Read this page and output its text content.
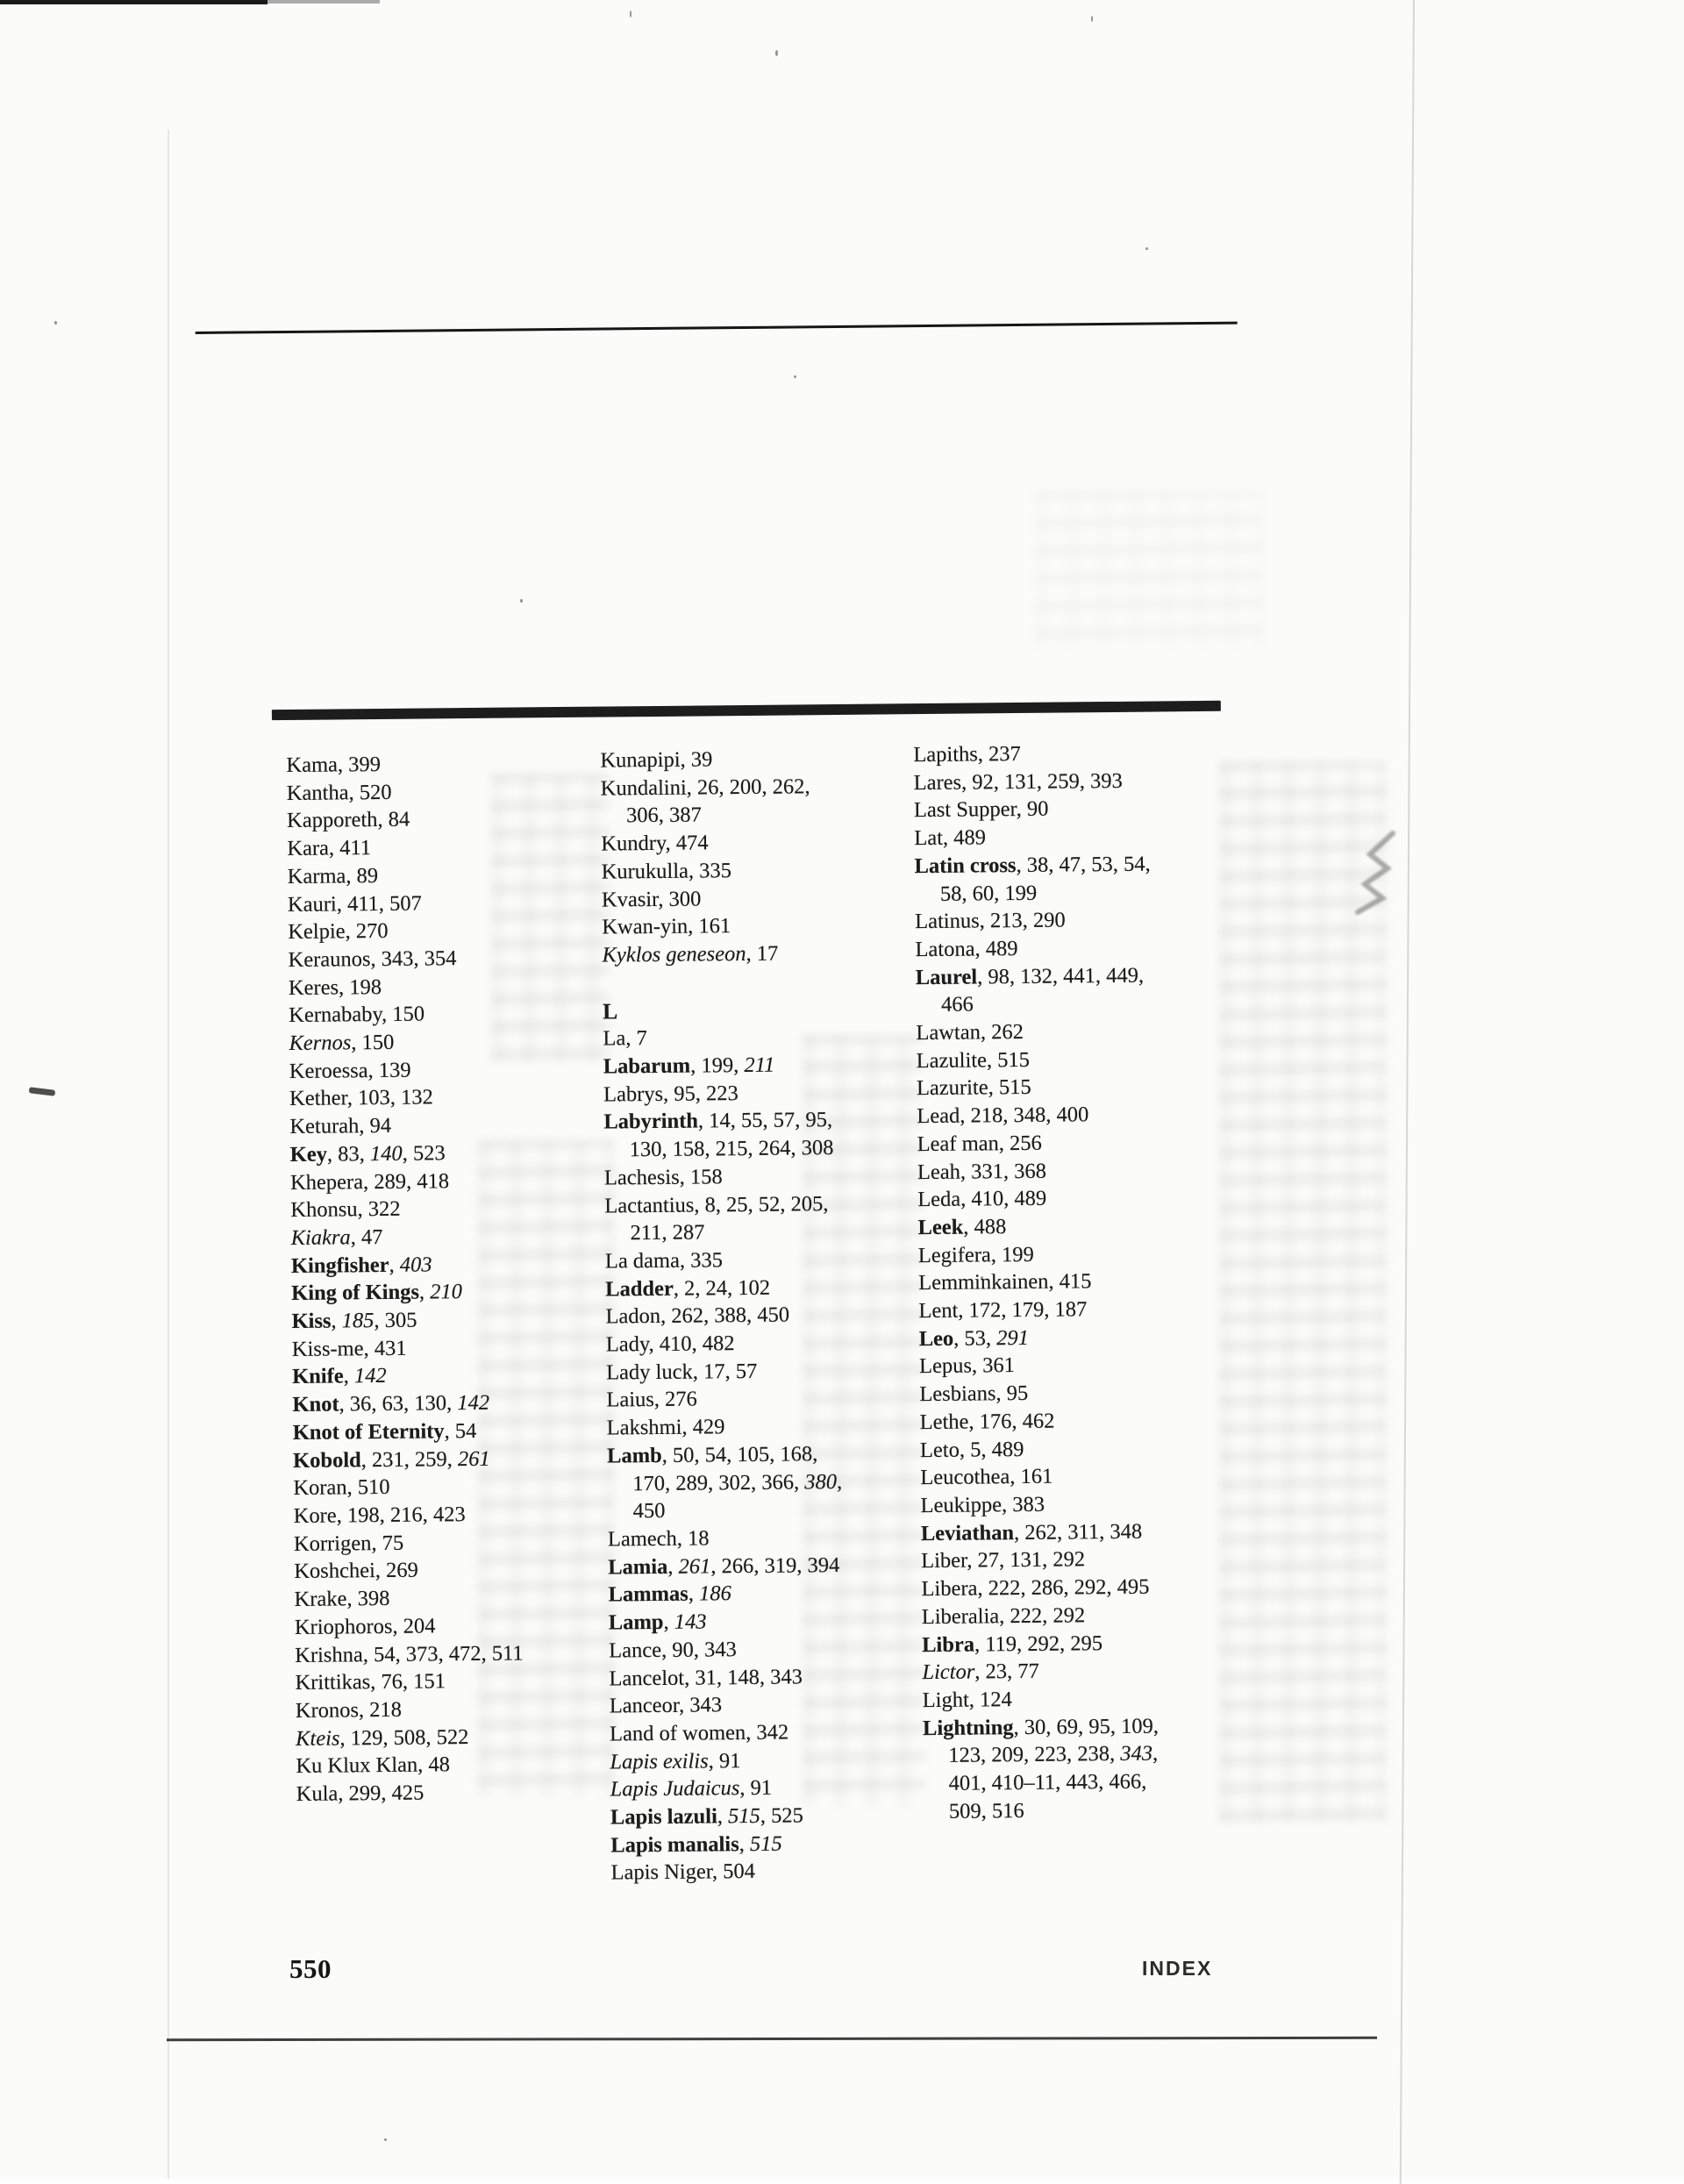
Kama, 399
Kantha, 520
Kapporeth, 84
Kara, 411
Karma, 89
Kauri, 411, 507
Kelpie, 270
Keraunos, 343, 354
Keres, 198
Kernababy, 150
Kernos, 150
Keroessa, 139
Kether, 103, 132
Keturah, 94
Key, 83, 140, 523
Khepera, 289, 418
Khonsu, 322
Kiakra, 47
Kingfisher, 403
King of Kings, 210
Kiss, 185, 305
Kiss-me, 431
Knife, 142
Knot, 36, 63, 130, 142
Knot of Eternity, 54
Kobold, 231, 259, 261
Koran, 510
Kore, 198, 216, 423
Korrigen, 75
Koshchei, 269
Krake, 398
Kriophoros, 204
Krishna, 54, 373, 472, 511
Krittikas, 76, 151
Kronos, 218
Kteis, 129, 508, 522
Ku Klux Klan, 48
Kula, 299, 425
Kunapipi, 39
Kundalini, 26, 200, 262,
306, 387
Kundry, 474
Kurukulla, 335
Kvasir, 300
Kwan-yin, 161
Kyklos geneseon, 17
L
La, 7
Labarum, 199, 211
Labrys, 95, 223
Labyrinth, 14, 55, 57, 95,
130, 158, 215, 264, 308
Lachesis, 158
Lactantius, 8, 25, 52, 205,
211, 287
La dama, 335
Ladder, 2, 24, 102
Ladon, 262, 388, 450
Lady, 410, 482
Lady luck, 17, 57
Laius, 276
Lakshmi, 429
Lamb, 50, 54, 105, 168,
170, 289, 302, 366, 380,
450
Lamech, 18
Lamia, 261, 266, 319, 394
Lammas, 186
Lamp, 143
Lance, 90, 343
Lancelot, 31, 148, 343
Lanceor, 343
Land of women, 342
Lapis exilis, 91
Lapis Judaicus, 91
Lapis lazuli, 515, 525
Lapis manalis, 515
Lapis Niger, 504
Lapiths, 237
Lares, 92, 131, 259, 393
Last Supper, 90
Lat, 489
Latin cross, 38, 47, 53, 54,
58, 60, 199
Latinus, 213, 290
Latona, 489
Laurel, 98, 132, 441, 449,
466
Lawtan, 262
Lazulite, 515
Lazurite, 515
Lead, 218, 348, 400
Leaf man, 256
Leah, 331, 368
Leda, 410, 489
Leek, 488
Legifera, 199
Lemminkainen, 415
Lent, 172, 179, 187
Leo, 53, 291
Lepus, 361
Lesbians, 95
Lethe, 176, 462
Leto, 5, 489
Leucothea, 161
Leukippe, 383
Leviathan, 262, 311, 348
Liber, 27, 131, 292
Libera, 222, 286, 292, 495
Liberalia, 222, 292
Libra, 119, 292, 295
Lictor, 23, 77
Light, 124
Lightning, 30, 69, 95, 109,
123, 209, 223, 238, 343,
401, 410–11, 443, 466,
509, 516
550	INDEX
